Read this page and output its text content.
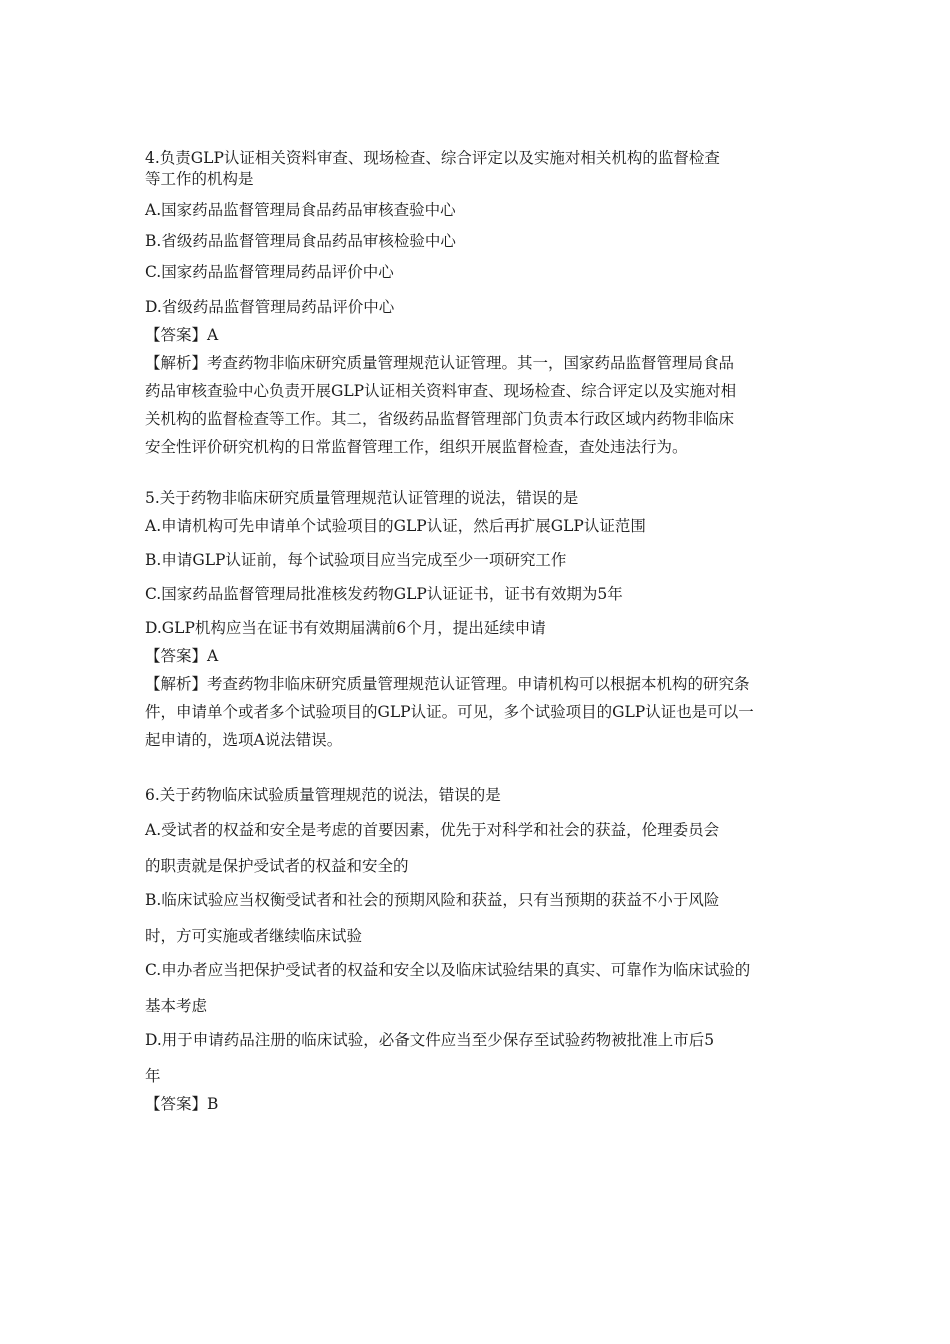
4.负责GLP认证相关资料审查、现场检查、综合评定以及实施对相关机构的监督检查

等工作的机构是

A.国家药品监督管理局食品药品审核查验中心

B.省级药品监督管理局食品药品审核检验中心

C.国家药品监督管理局药品评价中心

D.省级药品监督管理局药品评价中心

【答案】A

【解析】考查药物非临床研究质量管理规范认证管理。其一，国家药品监督管理局食品

药品审核查验中心负责开展GLP认证相关资料审查、现场检查、综合评定以及实施对相

关机构的监督检查等工作。其二，省级药品监督管理部门负责本行政区域内药物非临床

安全性评价研究机构的日常监督管理工作，组织开展监督检查，查处违法行为。

5.关于药物非临床研究质量管理规范认证管理的说法，错误的是

A.申请机构可先申请单个试验项目的GLP认证，然后再扩展GLP认证范围

B.申请GLP认证前，每个试验项目应当完成至少一项研究工作

C.国家药品监督管理局批准核发药物GLP认证证书，证书有效期为5年

D.GLP机构应当在证书有效期届满前6个月，提出延续申请

【答案】A

【解析】考查药物非临床研究质量管理规范认证管理。申请机构可以根据本机构的研究条

件，申请单个或者多个试验项目的GLP认证。可见，多个试验项目的GLP认证也是可以一

起申请的，选项A说法错误。

6.关于药物临床试验质量管理规范的说法，错误的是

A.受试者的权益和安全是考虑的首要因素，优先于对科学和社会的获益，伦理委员会

的职责就是保护受试者的权益和安全的

B.临床试验应当权衡受试者和社会的预期风险和获益，只有当预期的获益不小于风险

时，方可实施或者继续临床试验

C.申办者应当把保护受试者的权益和安全以及临床试验结果的真实、可靠作为临床试验的

基本考虑

D.用于申请药品注册的临床试验，必备文件应当至少保存至试验药物被批准上市后5

年

【答案】B
